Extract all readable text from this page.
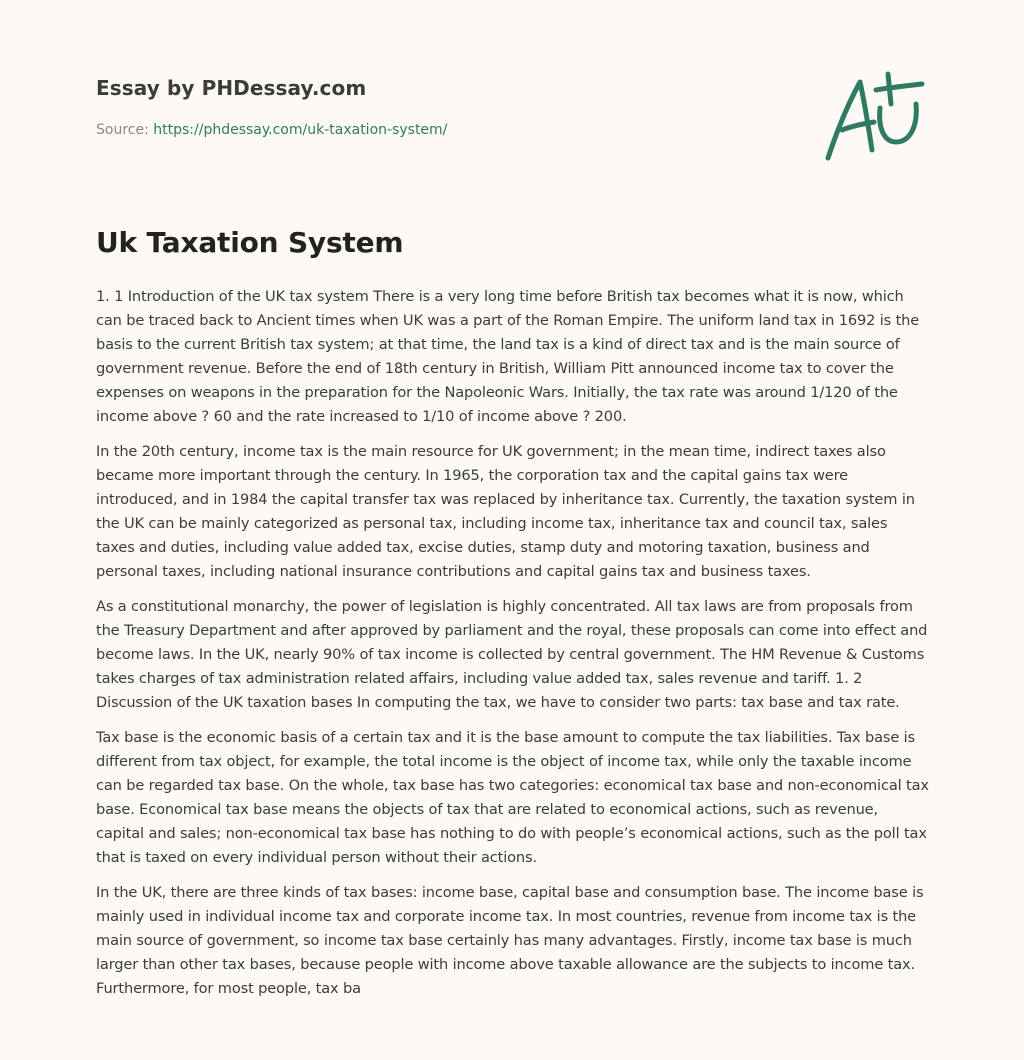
Essay by PHDessay.com
Source: https://phdessay.com/uk-taxation-system/
Uk Taxation System

1. 1 Introduction of the UK tax system There is a very long time before British tax becomes what it is now, which can be traced back to Ancient times when UK was a part of the Roman Empire. The uniform land tax in 1692 is the basis to the current British tax system; at that time, the land tax is a kind of direct tax and is the main source of government revenue. Before the end of 18th century in British, William Pitt announced income tax to cover the expenses on weapons in the preparation for the Napoleonic Wars. Initially, the tax rate was around 1/120 of the income above ? 60 and the rate increased to 1/10 of income above ? 200.

In the 20th century, income tax is the main resource for UK government; in the mean time, indirect taxes also became more important through the century. In 1965, the corporation tax and the capital gains tax were introduced, and in 1984 the capital transfer tax was replaced by inheritance tax. Currently, the taxation system in the UK can be mainly categorized as personal tax, including income tax, inheritance tax and council tax, sales taxes and duties, including value added tax, excise duties, stamp duty and motoring taxation, business and personal taxes, including national insurance contributions and capital gains tax and business taxes.

As a constitutional monarchy, the power of legislation is highly concentrated. All tax laws are from proposals from the Treasury Department and after approved by parliament and the royal, these proposals can come into effect and become laws. In the UK, nearly 90% of tax income is collected by central government. The HM Revenue & Customs takes charges of tax administration related affairs, including value added tax, sales revenue and tariff. 1. 2 Discussion of the UK taxation bases In computing the tax, we have to consider two parts: tax base and tax rate.

Tax base is the economic basis of a certain tax and it is the base amount to compute the tax liabilities. Tax base is different from tax object, for example, the total income is the object of income tax, while only the taxable income can be regarded tax base. On the whole, tax base has two categories: economical tax base and non-economical tax base. Economical tax base means the objects of tax that are related to economical actions, such as revenue, capital and sales; non-economical tax base has nothing to do with people’s economical actions, such as the poll tax that is taxed on every individual person without their actions.

In the UK, there are three kinds of tax bases: income base, capital base and consumption base. The income base is mainly used in individual income tax and corporate income tax. In most countries, revenue from income tax is the main source of government, so income tax base certainly has many advantages. Firstly, income tax base is much larger than other tax bases, because people with income above taxable allowance are the subjects to income tax. Furthermore, for most people, tax ba
